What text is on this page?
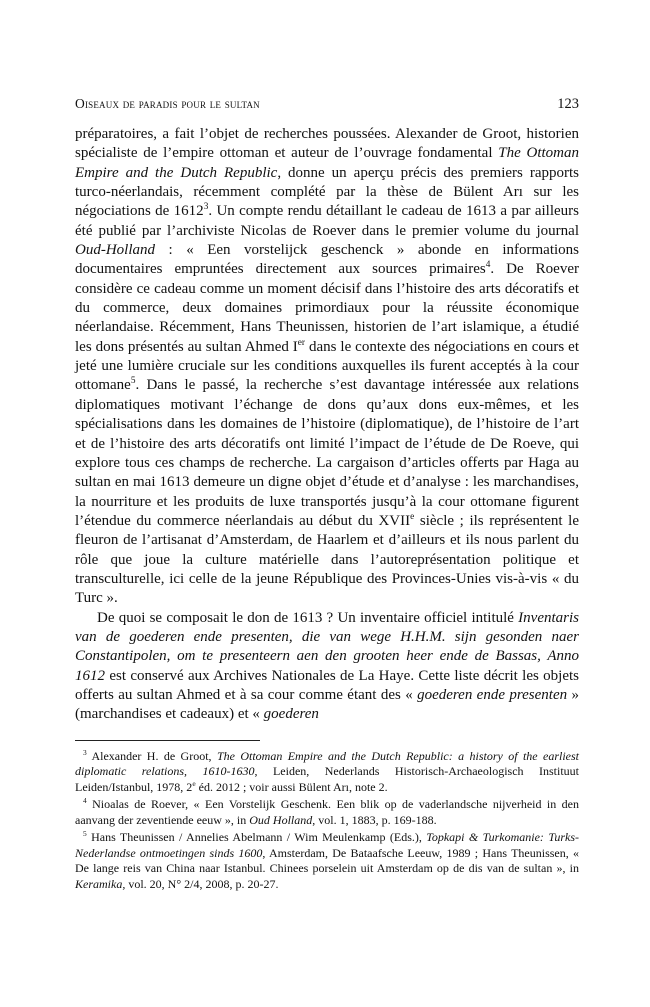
Oiseaux de paradis pour le sultan	123

préparatoires, a fait l’objet de recherches poussées. Alexander de Groot, historien spécialiste de l’empire ottoman et auteur de l’ouvrage fondamental The Ottoman Empire and the Dutch Republic, donne un aperçu précis des premiers rapports turco-néerlandais, récemment complété par la thèse de Bülent Arı sur les négociations de 1612$^3$. Un compte rendu détaillant le cadeau de 1613 a par ailleurs été publié par l’archiviste Nicolas de Roever dans le premier volume du journal Oud-Holland : « Een vorstelijck geschenck » abonde en informations documentaires empruntées directement aux sources primaires$^4$. De Roever considère ce cadeau comme un moment décisif dans l’histoire des arts décoratifs et du commerce, deux domaines primordiaux pour la réussite économique néerlandaise. Récemment, Hans Theunissen, historien de l’art islamique, a étudié les dons présentés au sultan Ahmed Ier dans le contexte des négociations en cours et jeté une lumière cruciale sur les conditions auxquelles ils furent acceptés à la cour ottomane$^5$. Dans le passé, la recherche s’est davantage intéressée aux relations diplomatiques motivant l’échange de dons qu’aux dons eux-mêmes, et les spécialisations dans les domaines de l’histoire (diplomatique), de l’histoire de l’art et de l’histoire des arts décoratifs ont limité l’impact de l’étude de De Roeve, qui explore tous ces champs de recherche. La cargaison d’articles offerts par Haga au sultan en mai 1613 demeure un digne objet d’étude et d’analyse : les marchandises, la nourriture et les produits de luxe transportés jusqu’à la cour ottomane figurent l’étendue du commerce néerlandais au début du XVIIe siècle ; ils représentent le fleuron de l’artisanat d’Amsterdam, de Haarlem et d’ailleurs et ils nous parlent du rôle que joue la culture matérielle dans l’autoreprésentation politique et transculturelle, ici celle de la jeune République des Provinces-Unies vis-à-vis « du Turc ».

De quoi se composait le don de 1613 ? Un inventaire officiel intitulé Inventaris van de goederen ende presenten, die van wege H.H.M. sijn gesonden naer Constantipolen, om te presenteern aen den grooten heer ende de Bassas, Anno 1612 est conservé aux Archives Nationales de La Haye. Cette liste décrit les objets offerts au sultan Ahmed et à sa cour comme étant des « goederen ende presenten » (marchandises et cadeaux) et « goederen

$^3$ Alexander H. de Groot, The Ottoman Empire and the Dutch Republic: a history of the earliest diplomatic relations, 1610-1630, Leiden, Nederlands Historisch-Archaeologisch Instituut Leiden/Istanbul, 1978, 2e éd. 2012 ; voir aussi Bülent Arı, note 2.

$^4$ Nioalas de Roever, « Een Vorstelijk Geschenk. Een blik op de vaderlandsche nijverheid in den aanvang der zeventiende eeuw », in Oud Holland, vol. 1, 1883, p. 169-188.

$^5$ Hans Theunissen / Annelies Abelmann / Wim Meulenkamp (Eds.), Topkapi & Turkomanie: Turks-Nederlandse ontmoetingen sinds 1600, Amsterdam, De Bataafsche Leeuw, 1989 ; Hans Theunissen, « De lange reis van China naar Istanbul. Chinees porselein uit Amsterdam op de dis van de sultan », in Keramika, vol. 20, N° 2/4, 2008, p. 20-27.
